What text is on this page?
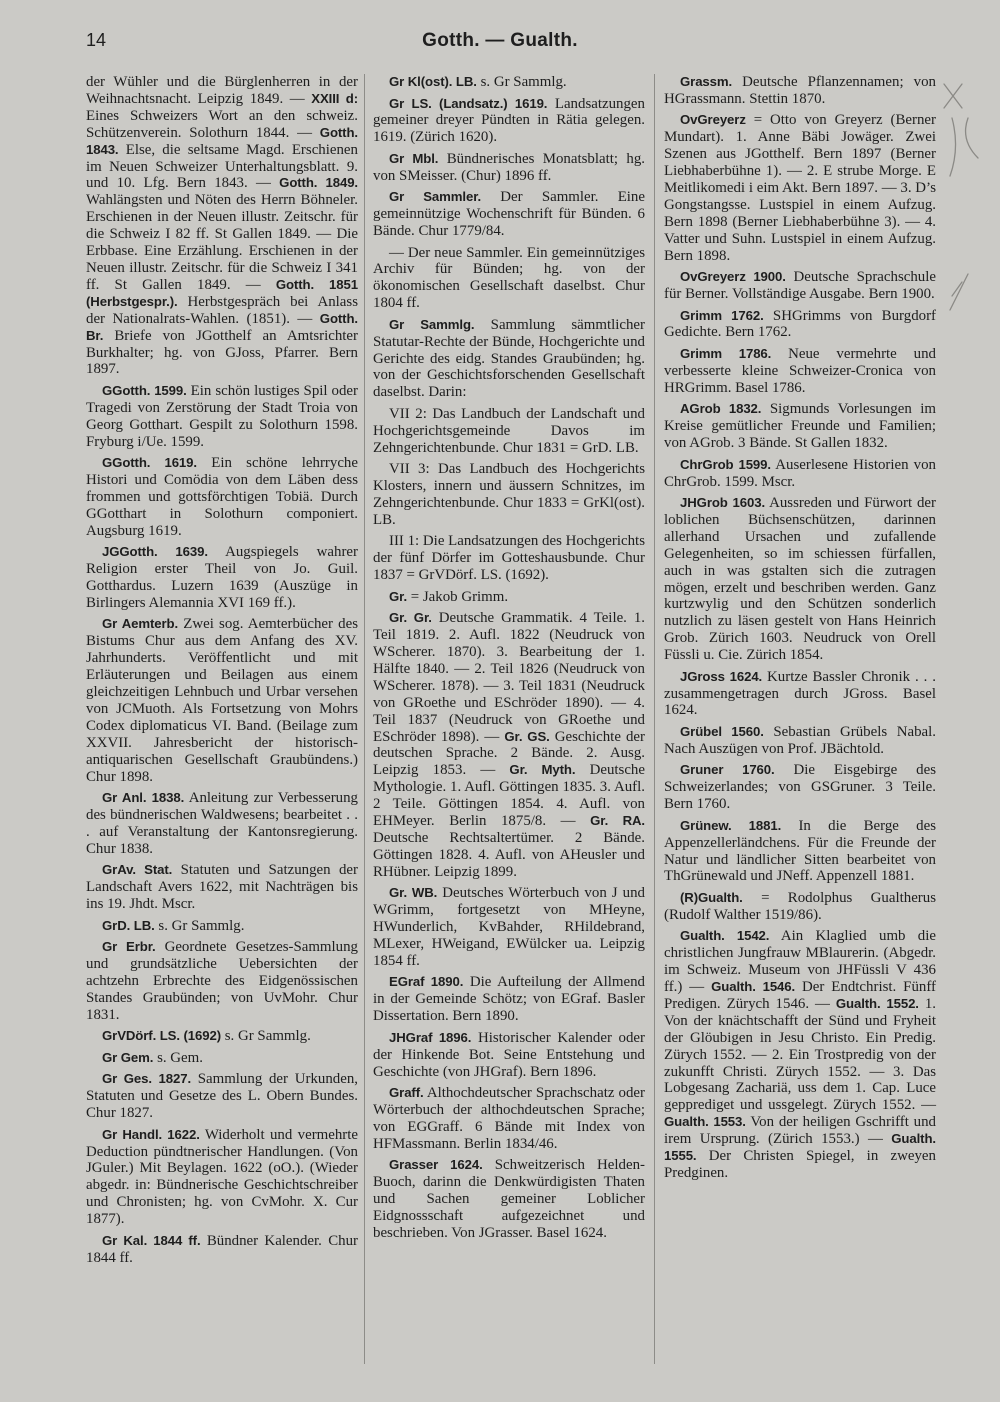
14	Gotth. — Gualth.

der Wühler und die Bürglenherren in der Weihnachtsnacht. Leipzig 1849. — XXIII d: Eines Schweizers Wort an den schweiz. Schützenverein. Solothurn 1844. — Gotth. 1843. Else, die seltsame Magd. Erschienen im Neuen Schweizer Unterhaltungsblatt. 9. und 10. Lfg. Bern 1843. — Gotth. 1849. Wahlängsten und Nöten des Herrn Böhneler. Erschienen in der Neuen illustr. Zeitschr. für die Schweiz I 82 ff. St Gallen 1849. — Die Erbbase. Eine Erzählung. Erschienen in der Neuen illustr. Zeitschr. für die Schweiz I 341 ff. St Gallen 1849. — Gotth. 1851 (Herbstgespr.). Herbstgespräch bei Anlass der Nationalrats-Wahlen. (1851). — Gotth. Br. Briefe von JGotthelf an Amtsrichter Burkhalter; hg. von GJoss, Pfarrer. Bern 1897.

GGotth. 1599. Ein schön lustiges Spil oder Tragedi von Zerstörung der Stadt Troia von Georg Gotthart. Gespilt zu Solothurn 1598. Fryburg i/Ue. 1599.

GGotth. 1619. Ein schöne lehrryche Histori und Comödia von dem Läben dess frommen und gottsförchtigen Tobiä. Durch GGotthart in Solothurn componiert. Augsburg 1619.

JGGotth. 1639. Augspiegels wahrer Religion erster Theil von Jo. Guil. Gotthardus. Luzern 1639 (Auszüge in Birlingers Alemannia XVI 169 ff.).

Gr Aemterb. Zwei sog. Aemterbücher des Bistums Chur aus dem Anfang des XV. Jahrhunderts. Veröffentlicht und mit Erläuterungen und Beilagen aus einem gleichzeitigen Lehnbuch und Urbar versehen von JCMuoth. Als Fortsetzung von Mohrs Codex diplomaticus VI. Band. (Beilage zum XXVII. Jahresbericht der historisch-antiquarischen Gesellschaft Graubündens.) Chur 1898.

Gr Anl. 1838. Anleitung zur Verbesserung des bündnerischen Waldwesens; bearbeitet . . . auf Veranstaltung der Kantonsregierung. Chur 1838.

GrAv. Stat. Statuten und Satzungen der Landschaft Avers 1622, mit Nachträgen bis ins 19. Jhdt. Mscr.

GrD. LB. s. Gr Sammlg.

Gr Erbr. Geordnete Gesetzes-Sammlung und grundsätzliche Uebersichten der achtzehn Erbrechte des Eidgenössischen Standes Graubünden; von UvMohr. Chur 1831.

GrVDörf. LS. (1692) s. Gr Sammlg.

Gr Gem. s. Gem.

Gr Ges. 1827. Sammlung der Urkunden, Statuten und Gesetze des L. Obern Bundes. Chur 1827.

Gr Handl. 1622. Widerholt und vermehrte Deduction pündtnerischer Handlungen. (Von JGuler.) Mit Beylagen. 1622 (oO.). (Wieder abgedr. in: Bündnerische Geschichtschreiber und Chronisten; hg. von CvMohr. X. Cur 1877).

Gr Kal. 1844 ff. Bündner Kalender. Chur 1844 ff.

Gr Kl(ost). LB. s. Gr Sammlg.

Gr LS. (Landsatz.) 1619. Landsatzungen gemeiner dreyer Pündten in Rätia gelegen. 1619. (Zürich 1620).

Gr Mbl. Bündnerisches Monatsblatt; hg. von SMeisser. (Chur) 1896 ff.

Gr Sammler. Der Sammler. Eine gemeinnützige Wochenschrift für Bünden. 6 Bände. Chur 1779/84.

— Der neue Sammler. Ein gemeinnütziges Archiv für Bünden; hg. von der ökonomischen Gesellschaft daselbst. Chur 1804 ff.

Gr Sammlg. Sammlung sämmtlicher Statutar-Rechte der Bünde, Hochgerichte und Gerichte des eidg. Standes Graubünden; hg. von der Geschichtsforschenden Gesellschaft daselbst. Darin:

VII 2: Das Landbuch der Landschaft und Hochgerichtsgemeinde Davos im Zehngerichtenbunde. Chur 1831 = GrD. LB.

VII 3: Das Landbuch des Hochgerichts Klosters, innern und äussern Schnitzes, im Zehngerichtenbunde. Chur 1833 = GrKl(ost). LB.

III 1: Die Landsatzungen des Hochgerichts der fünf Dörfer im Gotteshausbunde. Chur 1837 = GrVDörf. LS. (1692).

Gr. = Jakob Grimm.

Gr. Gr. Deutsche Grammatik. 4 Teile. 1. Teil 1819. 2. Aufl. 1822 (Neudruck von WScherer. 1870). 3. Bearbeitung der 1. Hälfte 1840. — 2. Teil 1826 (Neudruck von WScherer. 1878). — 3. Teil 1831 (Neudruck von GRoethe und ESchröder 1890). — 4. Teil 1837 (Neudruck von GRoethe und ESchröder 1898). — Gr. GS. Geschichte der deutschen Sprache. 2 Bände. 2. Ausg. Leipzig 1853. — Gr. Myth. Deutsche Mythologie. 1. Aufl. Göttingen 1835. 3. Aufl. 2 Teile. Göttingen 1854. 4. Aufl. von EHMeyer. Berlin 1875/8. — Gr. RA. Deutsche Rechtsaltertümer. 2 Bände. Göttingen 1828. 4. Aufl. von AHeusler und RHübner. Leipzig 1899.

Gr. WB. Deutsches Wörterbuch von J und WGrimm, fortgesetzt von MHeyne, HWunderlich, KvBahder, RHildebrand, MLexer, HWeigand, EWülcker ua. Leipzig 1854 ff.

EGraf 1890. Die Aufteilung der Allmend in der Gemeinde Schötz; von EGraf. Basler Dissertation. Bern 1890.

JHGraf 1896. Historischer Kalender oder der Hinkende Bot. Seine Entstehung und Geschichte (von JHGraf). Bern 1896.

Graff. Althochdeutscher Sprachschatz oder Wörterbuch der althochdeutschen Sprache; von EGGraff. 6 Bände mit Index von HFMassmann. Berlin 1834/46.

Grasser 1624. Schweitzerisch Helden-Buoch, darinn die Denkwürdigisten Thaten und Sachen gemeiner Loblicher Eidgnossschaft aufgezeichnet und beschrieben. Von JGrasser. Basel 1624.

Grassm. Deutsche Pflanzennamen; von HGrassmann. Stettin 1870.

OvGreyerz = Otto von Greyerz (Berner Mundart). 1. Anne Bäbi Jowäger. Zwei Szenen aus JGotthelf. Bern 1897 (Berner Liebhaberbühne 1). — 2. E strube Morge. E Meitlikomedi i eim Akt. Bern 1897. — 3. D’s Gongstangsse. Lustspiel in einem Aufzug. Bern 1898 (Berner Liebhaberbühne 3). — 4. Vatter und Suhn. Lustspiel in einem Aufzug. Bern 1898.

OvGreyerz 1900. Deutsche Sprachschule für Berner. Vollständige Ausgabe. Bern 1900.

Grimm 1762. SHGrimms von Burgdorf Gedichte. Bern 1762.

Grimm 1786. Neue vermehrte und verbesserte kleine Schweizer-Cronica von HRGrimm. Basel 1786.

AGrob 1832. Sigmunds Vorlesungen im Kreise gemütlicher Freunde und Familien; von AGrob. 3 Bände. St Gallen 1832.

ChrGrob 1599. Auserlesene Historien von ChrGrob. 1599. Mscr.

JHGrob 1603. Aussreden und Fürwort der loblichen Büchsenschützen, darinnen allerhand Ursachen und zufallende Gelegenheiten, so im schiessen fürfallen, auch in was gstalten sich die zutragen mögen, erzelt und beschriben werden. Ganz kurtzwylig und den Schützen sonderlich nutzlich zu läsen gestelt von Hans Heinrich Grob. Zürich 1603. Neudruck von Orell Füssli u. Cie. Zürich 1854.

JGross 1624. Kurtze Bassler Chronik . . . zusammengetragen durch JGross. Basel 1624.

Grübel 1560. Sebastian Grübels Nabal. Nach Auszügen von Prof. JBächtold.

Gruner 1760. Die Eisgebirge des Schweizerlandes; von GSGruner. 3 Teile. Bern 1760.

Grünew. 1881. In die Berge des Appenzellerländchens. Für die Freunde der Natur und ländlicher Sitten bearbeitet von ThGrünewald und JNeff. Appenzell 1881.

(R)Gualth. = Rodolphus Gualtherus (Rudolf Walther 1519/86).

Gualth. 1542. Ain Klaglied umb die christlichen Jungfrauw MBlaurerin. (Abgedr. im Schweiz. Museum von JHFüssli V 436 ff.) — Gualth. 1546. Der Endtchrist. Fünff Predigen. Zürych 1546. — Gualth. 1552. 1. Von der knächtschafft der Sünd und Fryheit der Glöubigen in Jesu Christo. Ein Predig. Zürych 1552. — 2. Ein Trostpredig von der zukunfft Christi. Zürych 1552. — 3. Das Lobgesang Zachariä, uss dem 1. Cap. Luce gepprediget und ussgelegt. Zürych 1552. — Gualth. 1553. Von der heiligen Gschrifft und irem Ursprung. (Zürich 1553.) — Gualth. 1555. Der Christen Spiegel, in zweyen Predginen.
